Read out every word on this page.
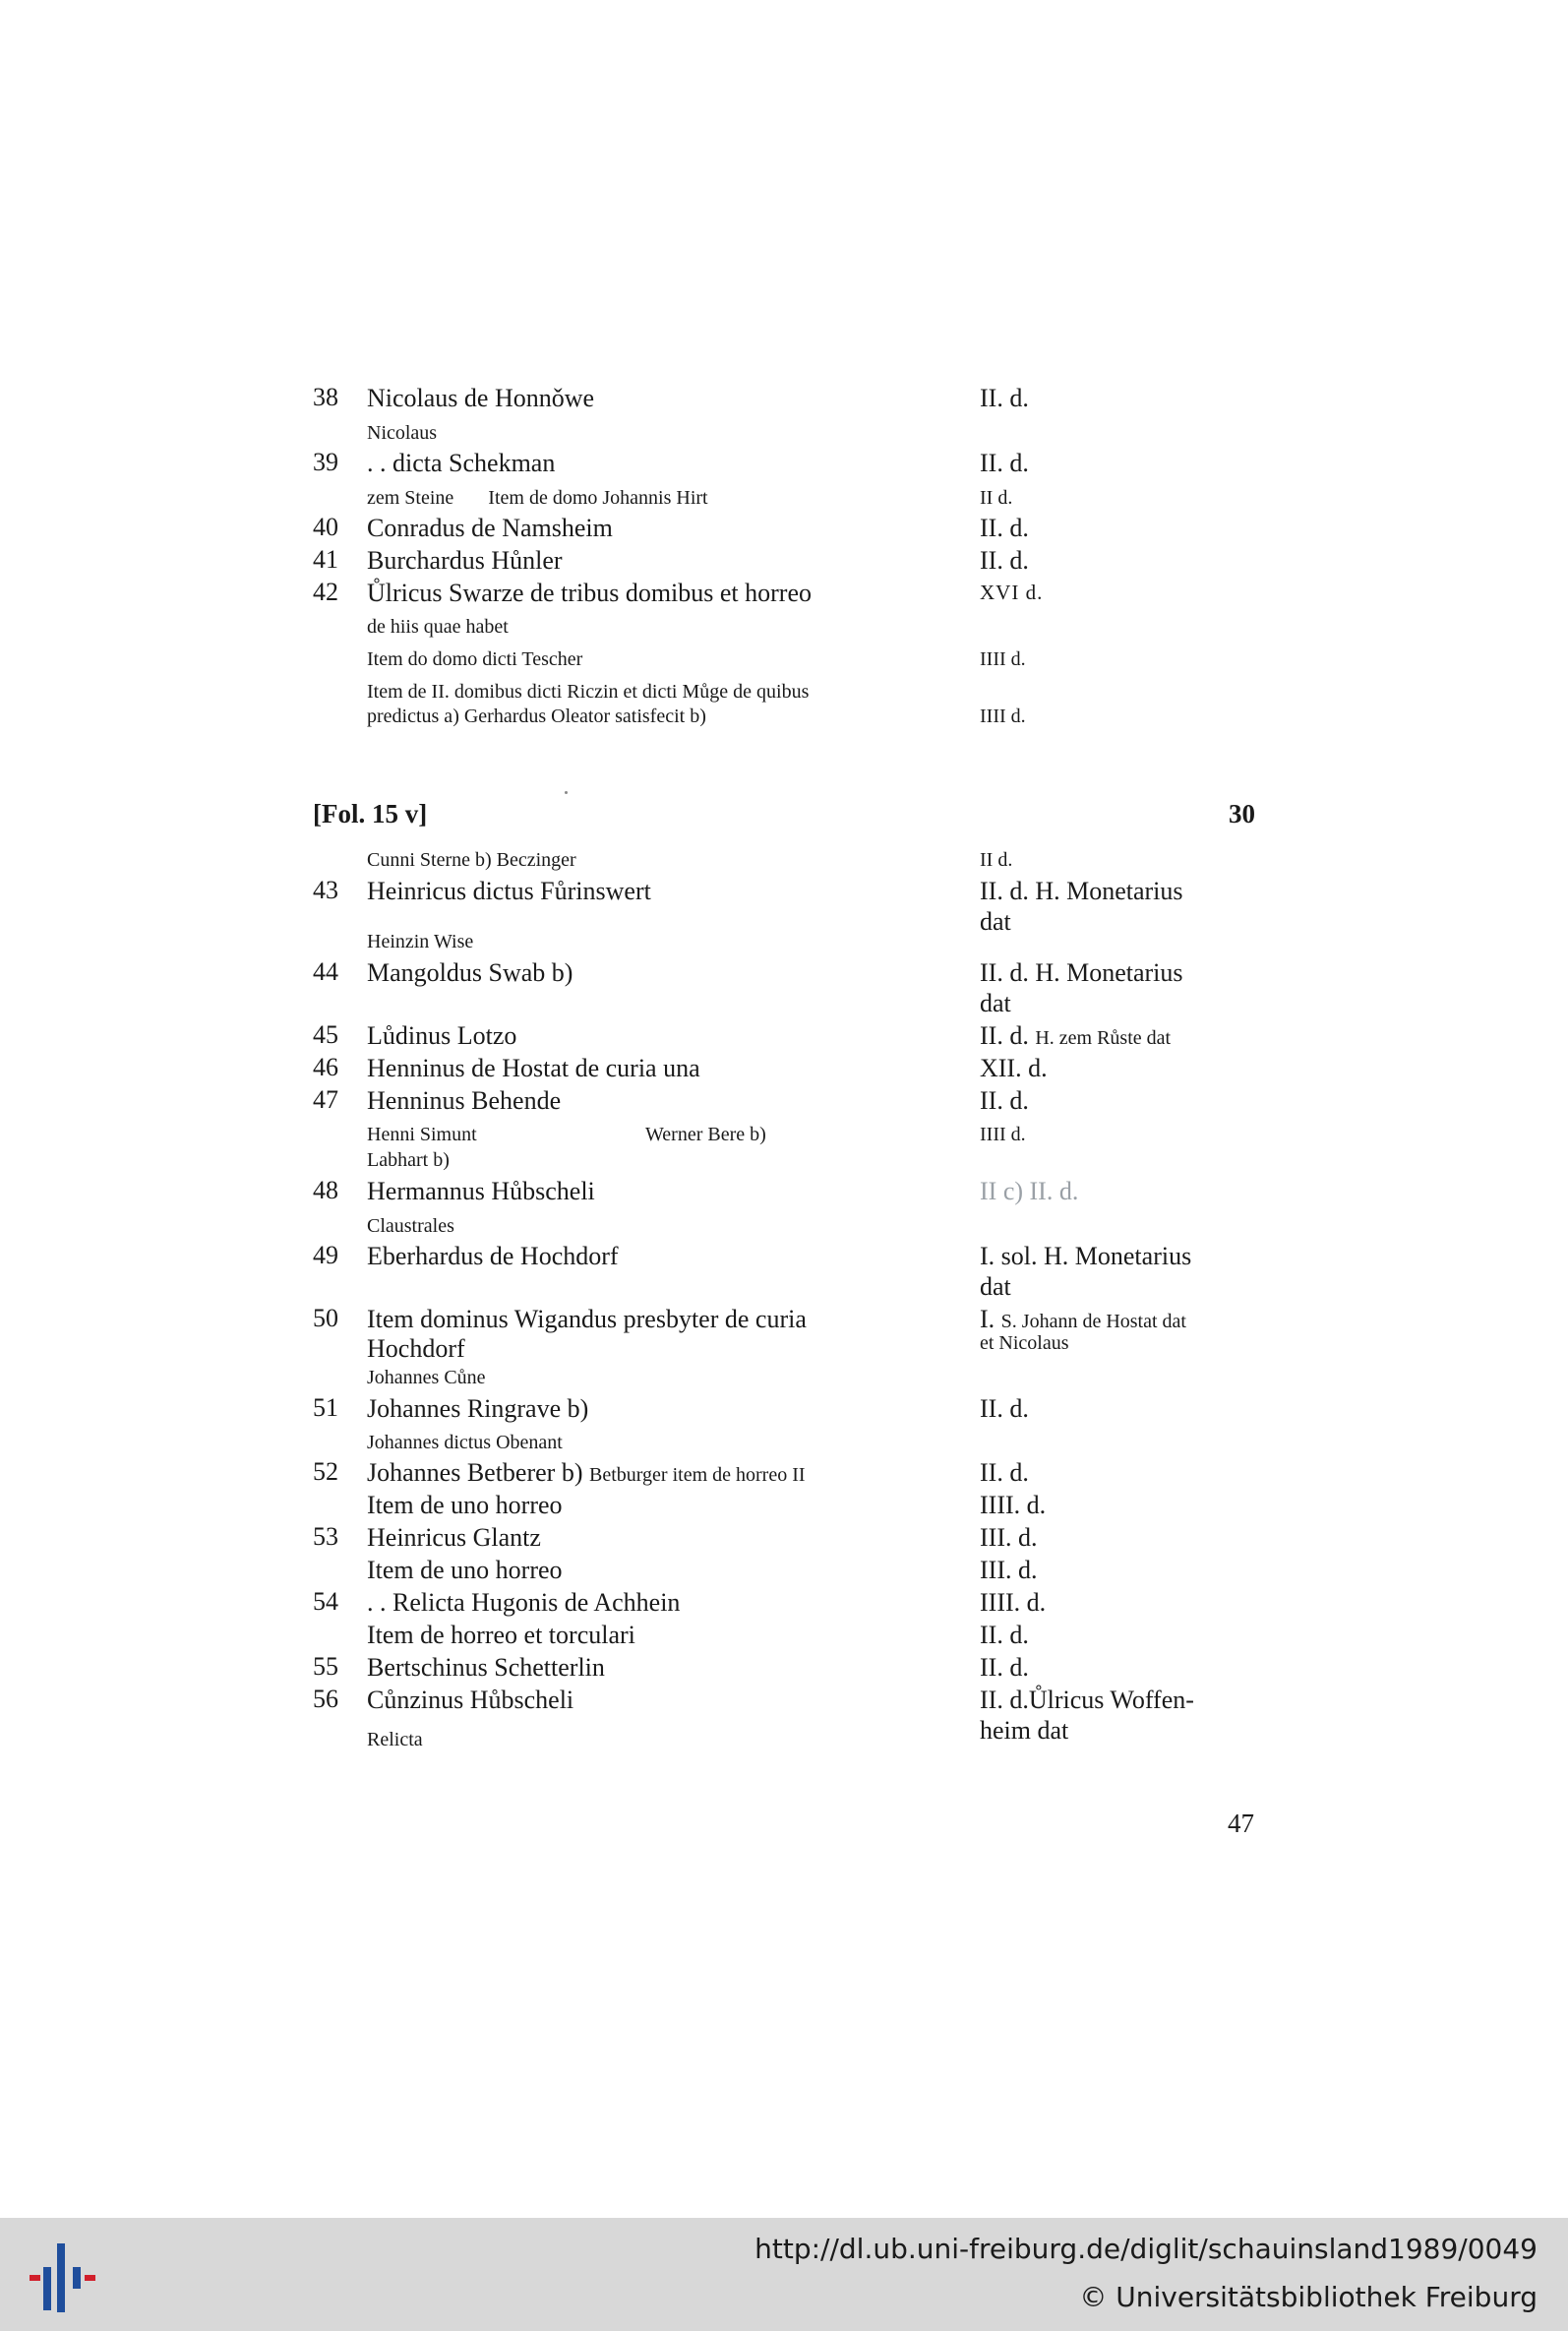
38	Nicolaus de Honnǒwe	II. d.
Nicolaus
39	. . dicta Schekman	II. d.
zem Steine       Item de domo Johannis Hirt	II d.
40	Conradus de Namsheim	II. d.
41	Burchardus Hůnler	II. d.
42	Ůlricus Swarze de tribus domibus et horreo	XVI d.
de hiis quae habet
Item do domo dicti Tescher	IIII d.
Item de II. domibus dicti Riczin et dicti Můge de quibus
predictus a) Gerhardus Oleator satisfecit b)	IIII d.
[Fol. 15 v]	30
Cunni Sterne b) Beczinger	II d.
43	Heinricus dictus Fůrinswert	II. d. H. Monetarius
dat
Heinzin Wise
44	Mangoldus Swab b)	II. d. H. Monetarius
dat
45	Lůdinus Lotzo	II. d. H. zem Růste dat
46	Henninus de Hostat de curia una	XII. d.
47	Henninus Behende	II. d.
Henni Simunt	Werner Bere b)	IIII d.
Labhart b)
48	Hermannus Hůbscheli	II c) II. d.
Claustrales
49	Eberhardus de Hochdorf	I. sol. H. Monetarius
dat
50	Item dominus Wigandus presbyter de curia	I. S. Johann de Hostat dat
Hochdorf	et Nicolaus
Johannes Cůne
51	Johannes Ringrave b)	II. d.
Johannes dictus Obenant
52	Johannes Betberer b) Betburger item de horreo II	II. d.
Item de uno horreo	IIII. d.
53	Heinricus Glantz	III. d.
Item de uno horreo	III. d.
54	. . Relicta Hugonis de Achhein	IIII. d.
Item de horreo et torculari	II. d.
55	Bertschinus Schetterlin	II. d.
56	Cůnzinus Hůbscheli	II. d.Ůlricus Woffen-
heim dat
Relicta
47
http://dl.ub.uni-freiburg.de/diglit/schauinsland1989/0049
© Universitätsbibliothek Freiburg
